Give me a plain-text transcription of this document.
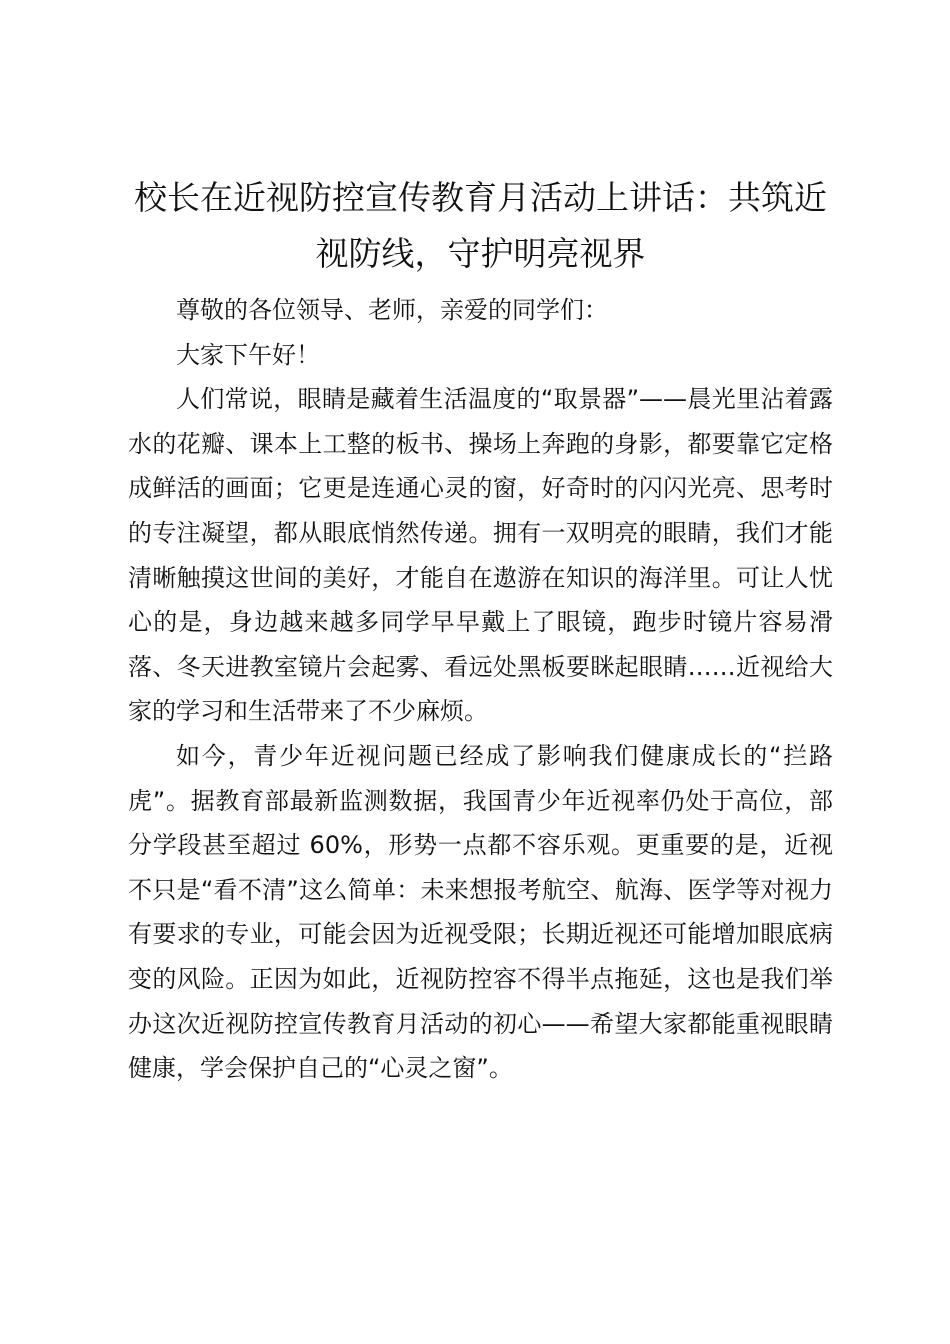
校长在近视防控宣传教育月活动上讲话：共筑近视防线，守护明亮视界

尊敬的各位领导、老师，亲爱的同学们：

大家下午好！

人们常说，眼睛是藏着生活温度的“取景器”——晨光里沾着露水的花瓣、课本上工整的板书、操场上奔跑的身影，都要靠它定格成鲜活的画面；它更是连通心灵的窗，好奇时的闪闪光亮、思考时的专注凝望，都从眼底悄然传递。拥有一双明亮的眼睛，我们才能清晰触摸这世间的美好，才能自在遨游在知识的海洋里。可让人忧心的是，身边越来越多同学早早戴上了眼镜，跑步时镜片容易滑落、冬天进教室镜片会起雾、看远处黑板要眯起眼睛……近视给大家的学习和生活带来了不少麻烦。

如今，青少年近视问题已经成了影响我们健康成长的“拦路虎”。据教育部最新监测数据，我国青少年近视率仍处于高位，部分学段甚至超过 60%，形势一点都不容乐观。更重要的是，近视不只是“看不清”这么简单：未来想报考航空、航海、医学等对视力有要求的专业，可能会因为近视受限；长期近视还可能增加眼底病变的风险。正因为如此，近视防控容不得半点拖延，这也是我们举办这次近视防控宣传教育月活动的初心——希望大家都能重视眼睛健康，学会保护自己的“心灵之窗”。
